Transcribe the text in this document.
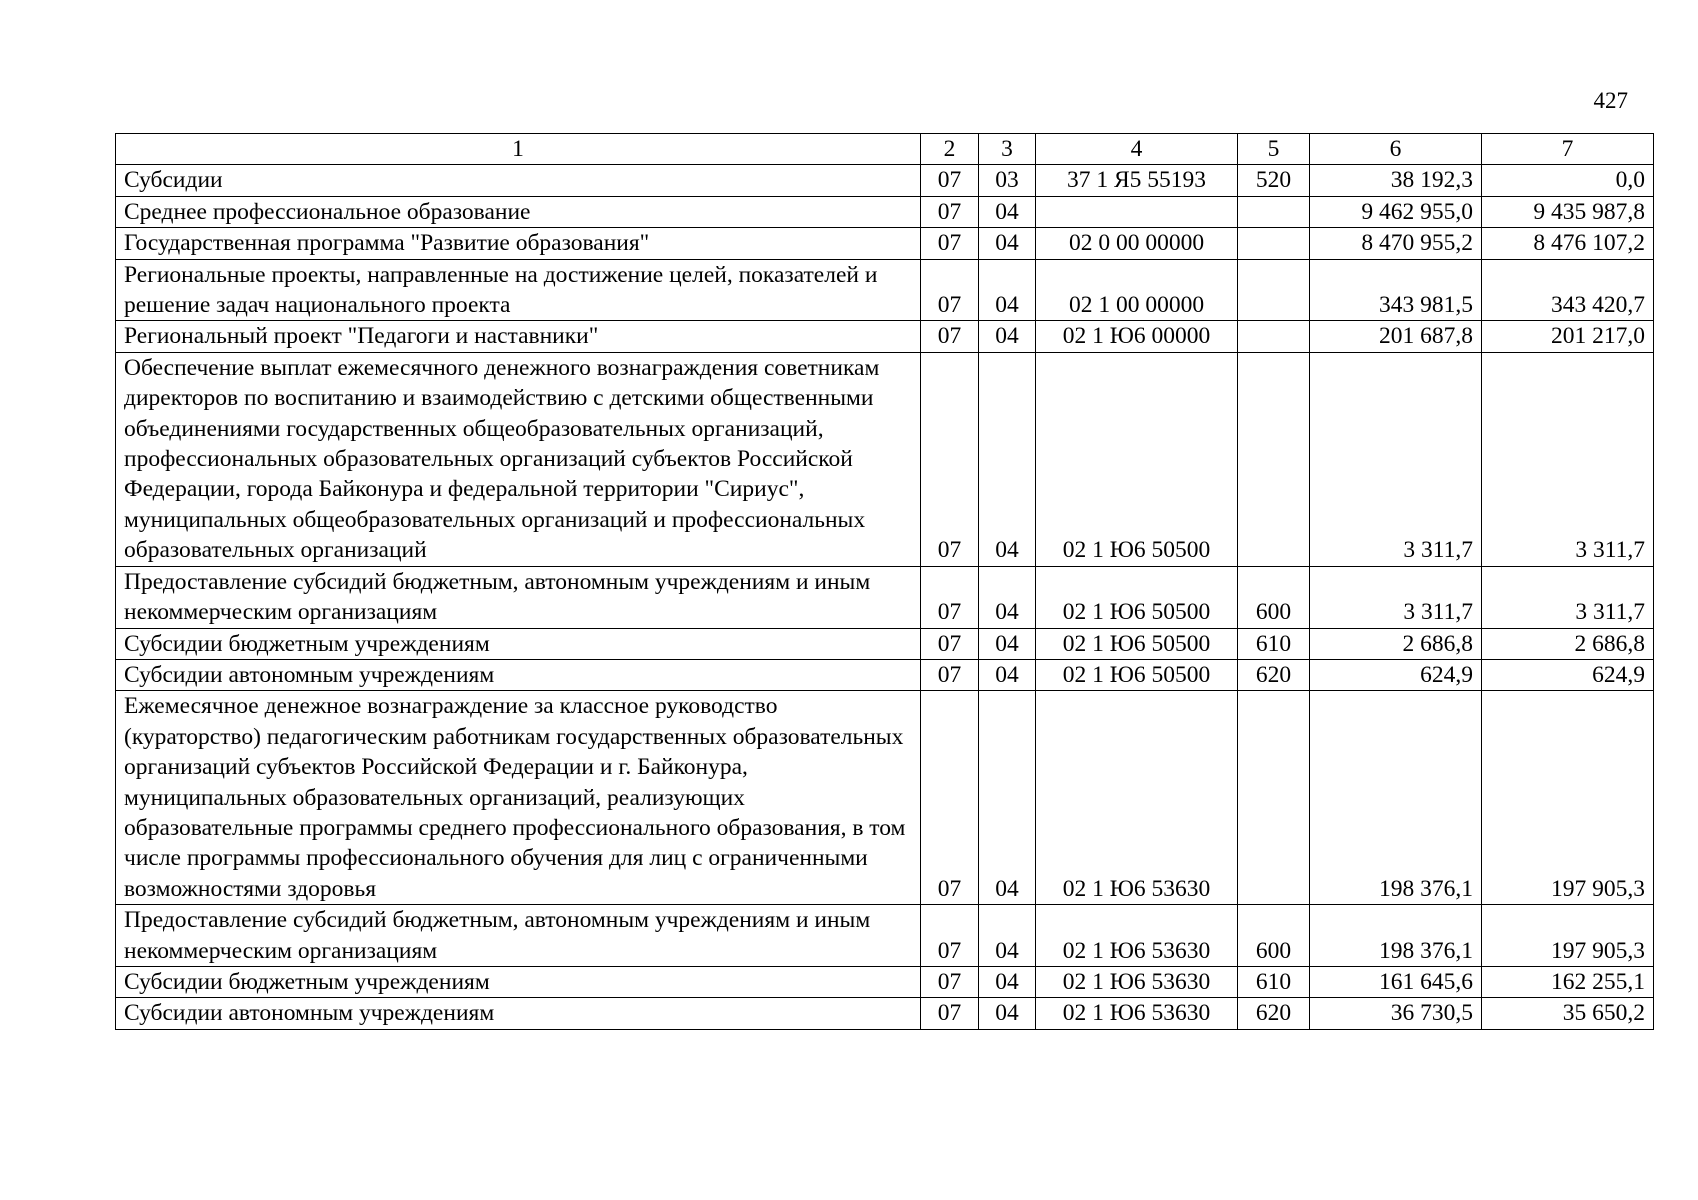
427
1	2	3	4	5	6	7
Субсидии	07	03	37 1 Я5 55193	520	38 192,3	0,0
Среднее профессиональное образование	07	04			9 462 955,0	9 435 987,8
Государственная программа "Развитие образования"	07	04	02 0 00 00000		8 470 955,2	8 476 107,2
Региональные проекты, направленные на достижение целей, показателей и решение задач национального проекта	07	04	02 1 00 00000		343 981,5	343 420,7
Региональный проект "Педагоги и наставники"	07	04	02 1 Ю6 00000		201 687,8	201 217,0
Обеспечение выплат ежемесячного денежного вознаграждения советникам директоров по воспитанию и взаимодействию с детскими общественными объединениями государственных общеобразовательных организаций, профессиональных образовательных организаций субъектов Российской Федерации, города Байконура и федеральной территории "Сириус", муниципальных общеобразовательных организаций и профессиональных образовательных организаций	07	04	02 1 Ю6 50500		3 311,7	3 311,7
Предоставление субсидий бюджетным, автономным учреждениям и иным некоммерческим организациям	07	04	02 1 Ю6 50500	600	3 311,7	3 311,7
Субсидии бюджетным учреждениям	07	04	02 1 Ю6 50500	610	2 686,8	2 686,8
Субсидии автономным учреждениям	07	04	02 1 Ю6 50500	620	624,9	624,9
Ежемесячное денежное вознаграждение за классное руководство (кураторство) педагогическим работникам государственных образовательных организаций субъектов Российской Федерации и г. Байконура, муниципальных образовательных организаций, реализующих образовательные программы среднего профессионального образования, в том числе программы профессионального обучения для лиц с ограниченными возможностями здоровья	07	04	02 1 Ю6 53630		198 376,1	197 905,3
Предоставление субсидий бюджетным, автономным учреждениям и иным некоммерческим организациям	07	04	02 1 Ю6 53630	600	198 376,1	197 905,3
Субсидии бюджетным учреждениям	07	04	02 1 Ю6 53630	610	161 645,6	162 255,1
Субсидии автономным учреждениям	07	04	02 1 Ю6 53630	620	36 730,5	35 650,2
